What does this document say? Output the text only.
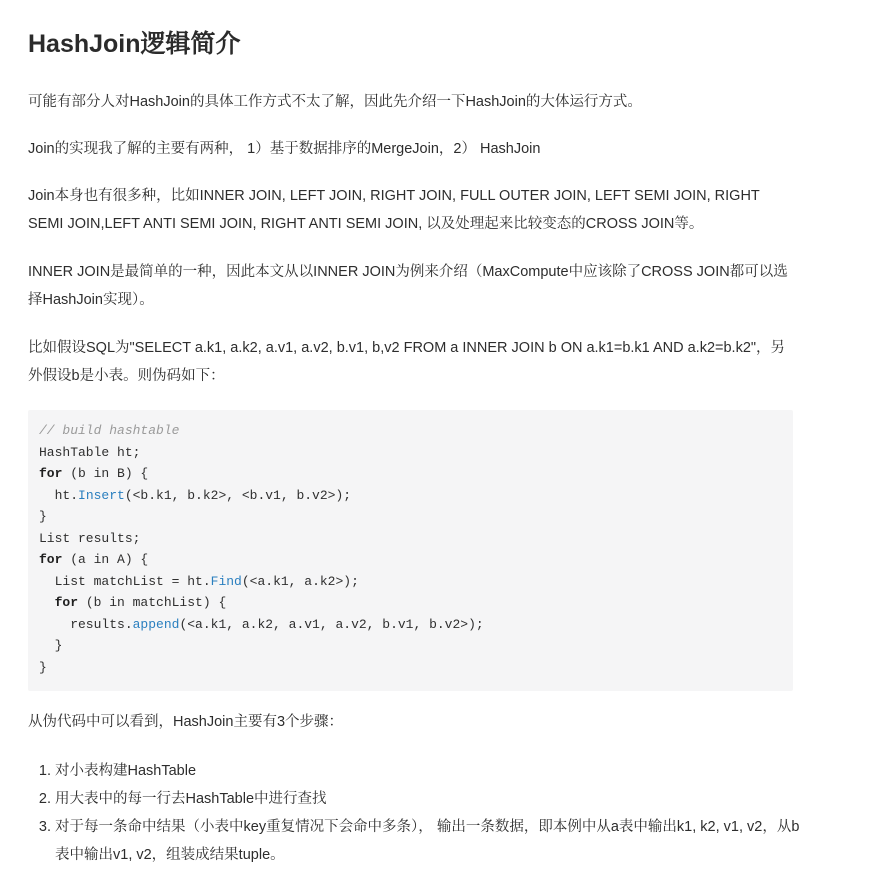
HashJoin逻辑简介

可能有部分人对HashJoin的具体工作方式不太了解，因此先介绍一下HashJoin的大体运行方式。

Join的实现我了解的主要有两种， 1）基于数据排序的MergeJoin，2） HashJoin

Join本身也有很多种，比如INNER JOIN, LEFT JOIN, RIGHT JOIN, FULL OUTER JOIN, LEFT SEMI JOIN, RIGHT SEMI JOIN,LEFT ANTI SEMI JOIN, RIGHT ANTI SEMI JOIN, 以及处理起来比较变态的CROSS JOIN等。

INNER JOIN是最简单的一种，因此本文从以INNER JOIN为例来介绍（MaxCompute中应该除了CROSS JOIN都可以选择HashJoin实现）。

比如假设SQL为"SELECT a.k1, a.k2, a.v1, a.v2, b.v1, b,v2 FROM a INNER JOIN b ON a.k1=b.k1 AND a.k2=b.k2"，另外假设b是小表。则伪码如下：

// build hashtable
HashTable ht;
for (b in B) {
ht.Insert(<b.k1, b.k2>, <b.v1, b.v2>);
}
List results;
for (a in A) {
List matchList = ht.Find(<a.k1, a.k2>);
for (b in matchList) {
results.append(<a.k1, a.k2, a.v1, a.v2, b.v1, b.v2>);
}
}

从伪代码中可以看到，HashJoin主要有3个步骤：

1. 对小表构建HashTable
2. 用大表中的每一行去HashTable中进行查找
3. 对于每一条命中结果（小表中key重复情况下会命中多条）， 输出一条数据，即本例中从a表中输出k1, k2, v1, v2，从b表中输出v1, v2，组装成结果tuple。
